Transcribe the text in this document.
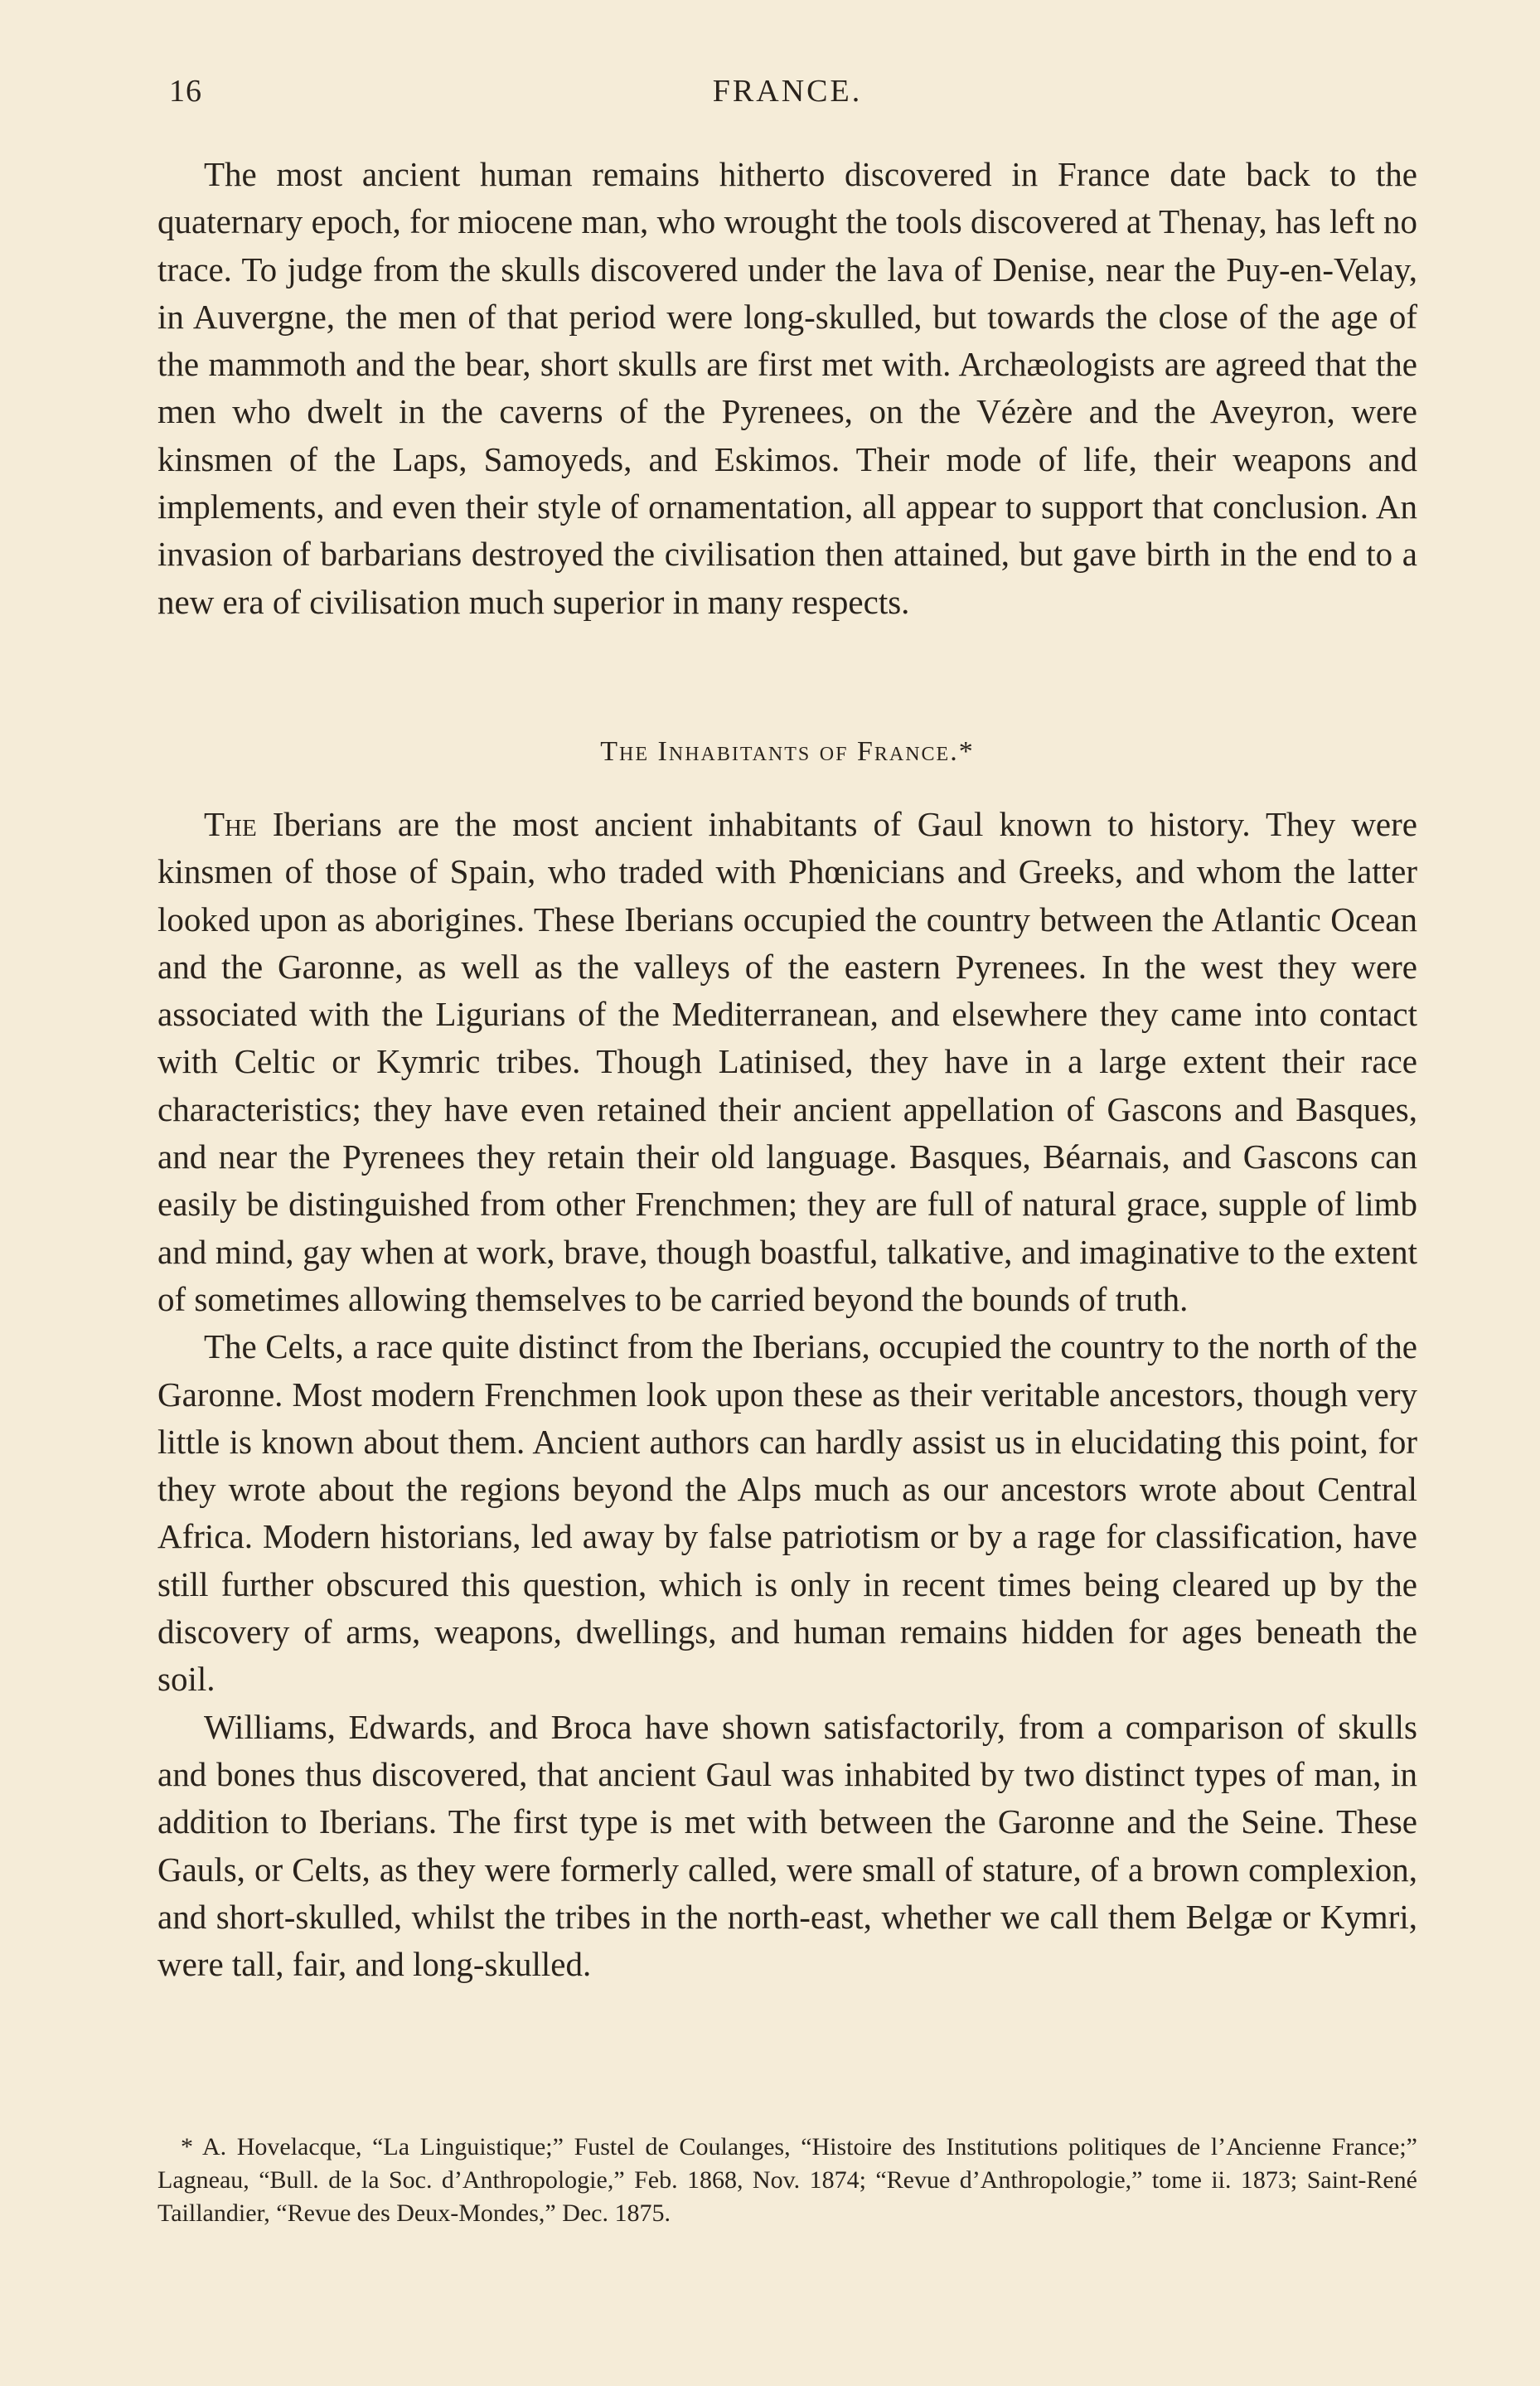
16	FRANCE.

The most ancient human remains hitherto discovered in France date back to the quaternary epoch, for miocene man, who wrought the tools discovered at Thenay, has left no trace. To judge from the skulls discovered under the lava of Denise, near the Puy-en-Velay, in Auvergne, the men of that period were long-skulled, but towards the close of the age of the mammoth and the bear, short skulls are first met with. Archæologists are agreed that the men who dwelt in the caverns of the Pyrenees, on the Vézère and the Aveyron, were kinsmen of the Laps, Samoyeds, and Eskimos. Their mode of life, their weapons and implements, and even their style of ornamentation, all appear to support that conclusion. An invasion of barbarians destroyed the civilisation then attained, but gave birth in the end to a new era of civilisation much superior in many respects.

The Inhabitants of France.*

The Iberians are the most ancient inhabitants of Gaul known to history. They were kinsmen of those of Spain, who traded with Phœnicians and Greeks, and whom the latter looked upon as aborigines. These Iberians occupied the country between the Atlantic Ocean and the Garonne, as well as the valleys of the eastern Pyrenees. In the west they were associated with the Ligurians of the Mediterranean, and elsewhere they came into contact with Celtic or Kymric tribes. Though Latinised, they have in a large extent their race characteristics; they have even retained their ancient appellation of Gascons and Basques, and near the Pyrenees they retain their old language. Basques, Béarnais, and Gascons can easily be distinguished from other Frenchmen; they are full of natural grace, supple of limb and mind, gay when at work, brave, though boastful, talkative, and imaginative to the extent of sometimes allowing themselves to be carried beyond the bounds of truth.

The Celts, a race quite distinct from the Iberians, occupied the country to the north of the Garonne. Most modern Frenchmen look upon these as their veritable ancestors, though very little is known about them. Ancient authors can hardly assist us in elucidating this point, for they wrote about the regions beyond the Alps much as our ancestors wrote about Central Africa. Modern historians, led away by false patriotism or by a rage for classification, have still further obscured this question, which is only in recent times being cleared up by the discovery of arms, weapons, dwellings, and human remains hidden for ages beneath the soil.

Williams, Edwards, and Broca have shown satisfactorily, from a comparison of skulls and bones thus discovered, that ancient Gaul was inhabited by two distinct types of man, in addition to Iberians. The first type is met with between the Garonne and the Seine. These Gauls, or Celts, as they were formerly called, were small of stature, of a brown complexion, and short-skulled, whilst the tribes in the north-east, whether we call them Belgæ or Kymri, were tall, fair, and long-skulled.

* A. Hovelacque, “La Linguistique;” Fustel de Coulanges, “Histoire des Institutions politiques de l’Ancienne France;” Lagneau, “Bull. de la Soc. d’Anthropologie,” Feb. 1868, Nov. 1874; “Revue d’Anthropologie,” tome ii. 1873; Saint-René Taillandier, “Revue des Deux-Mondes,” Dec. 1875.
